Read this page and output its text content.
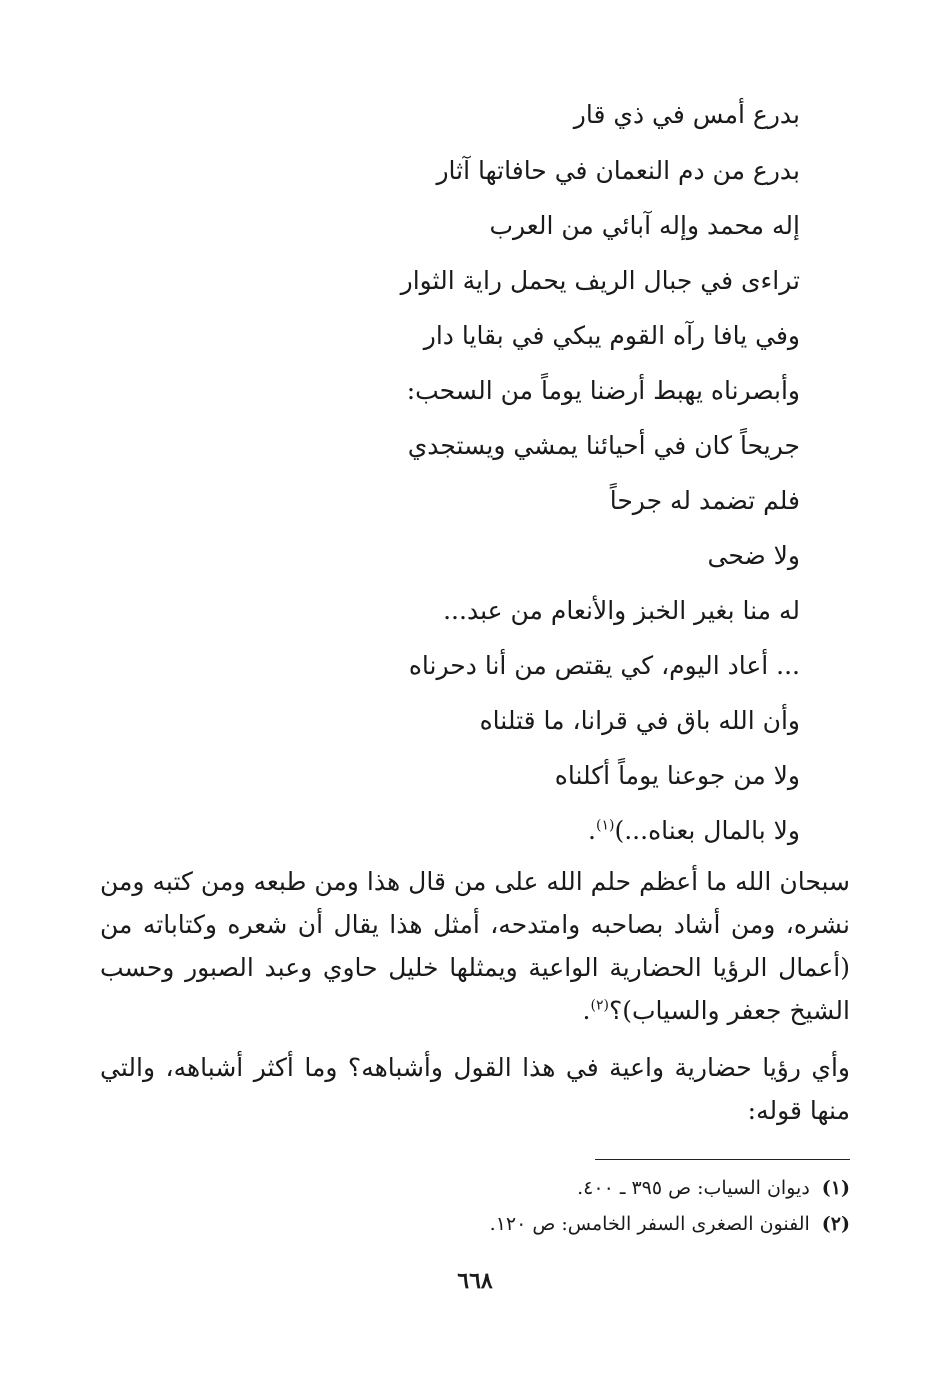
بدرع أمس في ذي قار
بدرع من دم النعمان في حافاتها آثار
إله محمد وإله آبائي من العرب
تراءى في جبال الريف يحمل راية الثوار
وفي يافا رآه القوم يبكي في بقايا دار
وأبصرناه يهبط أرضنا يوماً من السحب:
جريحاً كان في أحيائنا يمشي ويستجدي
فلم تضمد له جرحاً
ولا ضحى
له منا بغير الخبز والأنعام من عبد...
... أعاد اليوم، كي يقتص من أنا دحرناه
وأن الله باق في قرانا، ما قتلناه
ولا من جوعنا يوماً أكلناه
ولا بالمال بعناه...)$^{(١)}$.
سبحان الله ما أعظم حلم الله على من قال هذا ومن طبعه ومن كتبه ومن نشره، ومن أشاد بصاحبه وامتدحه، أمثل هذا يقال أن شعره وكتاباته من (أعمال الرؤيا الحضارية الواعية ويمثلها خليل حاوي وعبد الصبور وحسب الشيخ جعفر والسياب)؟$^{(٢)}$.
وأي رؤيا حضارية واعية في هذا القول وأشباهه؟ وما أكثر أشباهه، والتي منها قوله:
(١)ديوان السياب: ص ٣٩٥ ـ ٤٠٠.
(٢)الفنون الصغرى السفر الخامس: ص ١٢٠.
٦٦٨
